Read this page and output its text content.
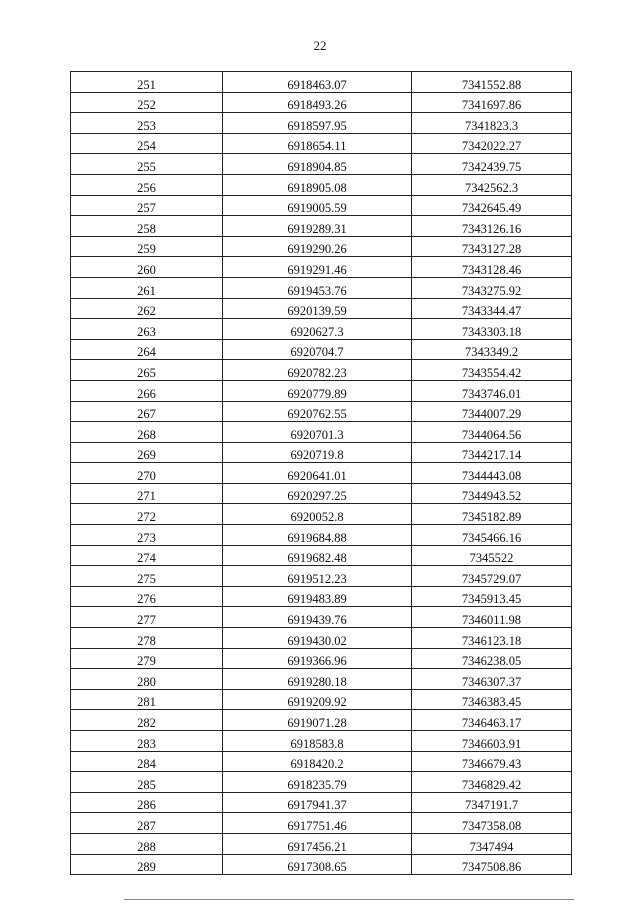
22
251	6918463.07	7341552.88
252	6918493.26	7341697.86
253	6918597.95	7341823.3
254	6918654.11	7342022.27
255	6918904.85	7342439.75
256	6918905.08	7342562.3
257	6919005.59	7342645.49
258	6919289.31	7343126.16
259	6919290.26	7343127.28
260	6919291.46	7343128.46
261	6919453.76	7343275.92
262	6920139.59	7343344.47
263	6920627.3	7343303.18
264	6920704.7	7343349.2
265	6920782.23	7343554.42
266	6920779.89	7343746.01
267	6920762.55	7344007.29
268	6920701.3	7344064.56
269	6920719.8	7344217.14
270	6920641.01	7344443.08
271	6920297.25	7344943.52
272	6920052.8	7345182.89
273	6919684.88	7345466.16
274	6919682.48	7345522
275	6919512.23	7345729.07
276	6919483.89	7345913.45
277	6919439.76	7346011.98
278	6919430.02	7346123.18
279	6919366.96	7346238.05
280	6919280.18	7346307.37
281	6919209.92	7346383.45
282	6919071.28	7346463.17
283	6918583.8	7346603.91
284	6918420.2	7346679.43
285	6918235.79	7346829.42
286	6917941.37	7347191.7
287	6917751.46	7347358.08
288	6917456.21	7347494
289	6917308.65	7347508.86
